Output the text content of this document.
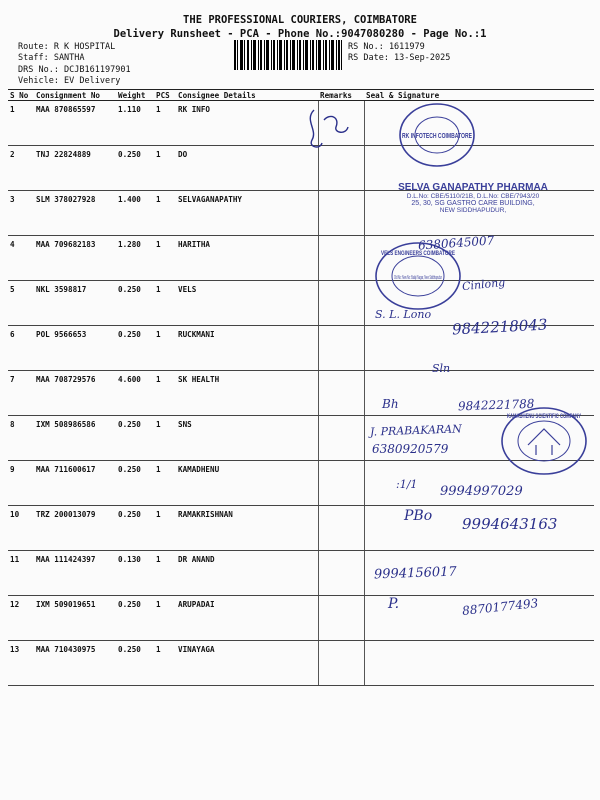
THE PROFESSIONAL COURIERS, COIMBATORE
Delivery Runsheet - PCA - Phone No.:9047080280 - Page No.:1
Route: R K HOSPITAL
Staff: SANTHA
DRS No.: DCJB161197901
Vehicle: EV Delivery
RS No.: 1611979
RS Date: 13-Sep-2025
S No	Consignment No	Weight	PCS	Consignee Details	Remarks	Seal & Signature
1	MAA 870865597	1.110	1	RK INFO		
2	TNJ 22824889	0.250	1	DO		
3	SLM 378027928	1.400	1	SELVAGANAPATHY		
4	MAA 709682183	1.280	1	HARITHA		
5	NKL 3598817	0.250	1	VELS		
6	POL 9566653	0.250	1	RUCKMANI		
7	MAA 708729576	4.600	1	SK HEALTH		
8	IXM 508986586	0.250	1	SNS		
9	MAA 711600617	0.250	1	KAMADHENU		
10	TRZ 200013079	0.250	1	RAMAKRISHNAN		
11	MAA 111424397	0.130	1	DR ANAND		
12	IXM 509019651	0.250	1	ARUPADAI		
13	MAA 710430975	0.250	1	VINAYAGA		
RK INFOTECH COIMBATORE
SELVA GANAPATHY PHARMAA
D.L.No: CBE/5110/21B, D.L.No: CBE/7943/20
25, 30, SG GASTRO CARE BUILDING,
NEW SIDDHAPUDUR,
VELS ENGINEERS COIMBATORE
Old No: New No: Balaji Nagar, New Siddhapudur
6380645007
Cinlong
S. L. Lono
9842218043
Sln
Bh	9842221788
J. PRABAKARAN
6380920579
KAMADHENU SCIENTIFIC COMPANY
:1/1 9994997029
PBo 9994643163
9994156017
P.	8870177493
